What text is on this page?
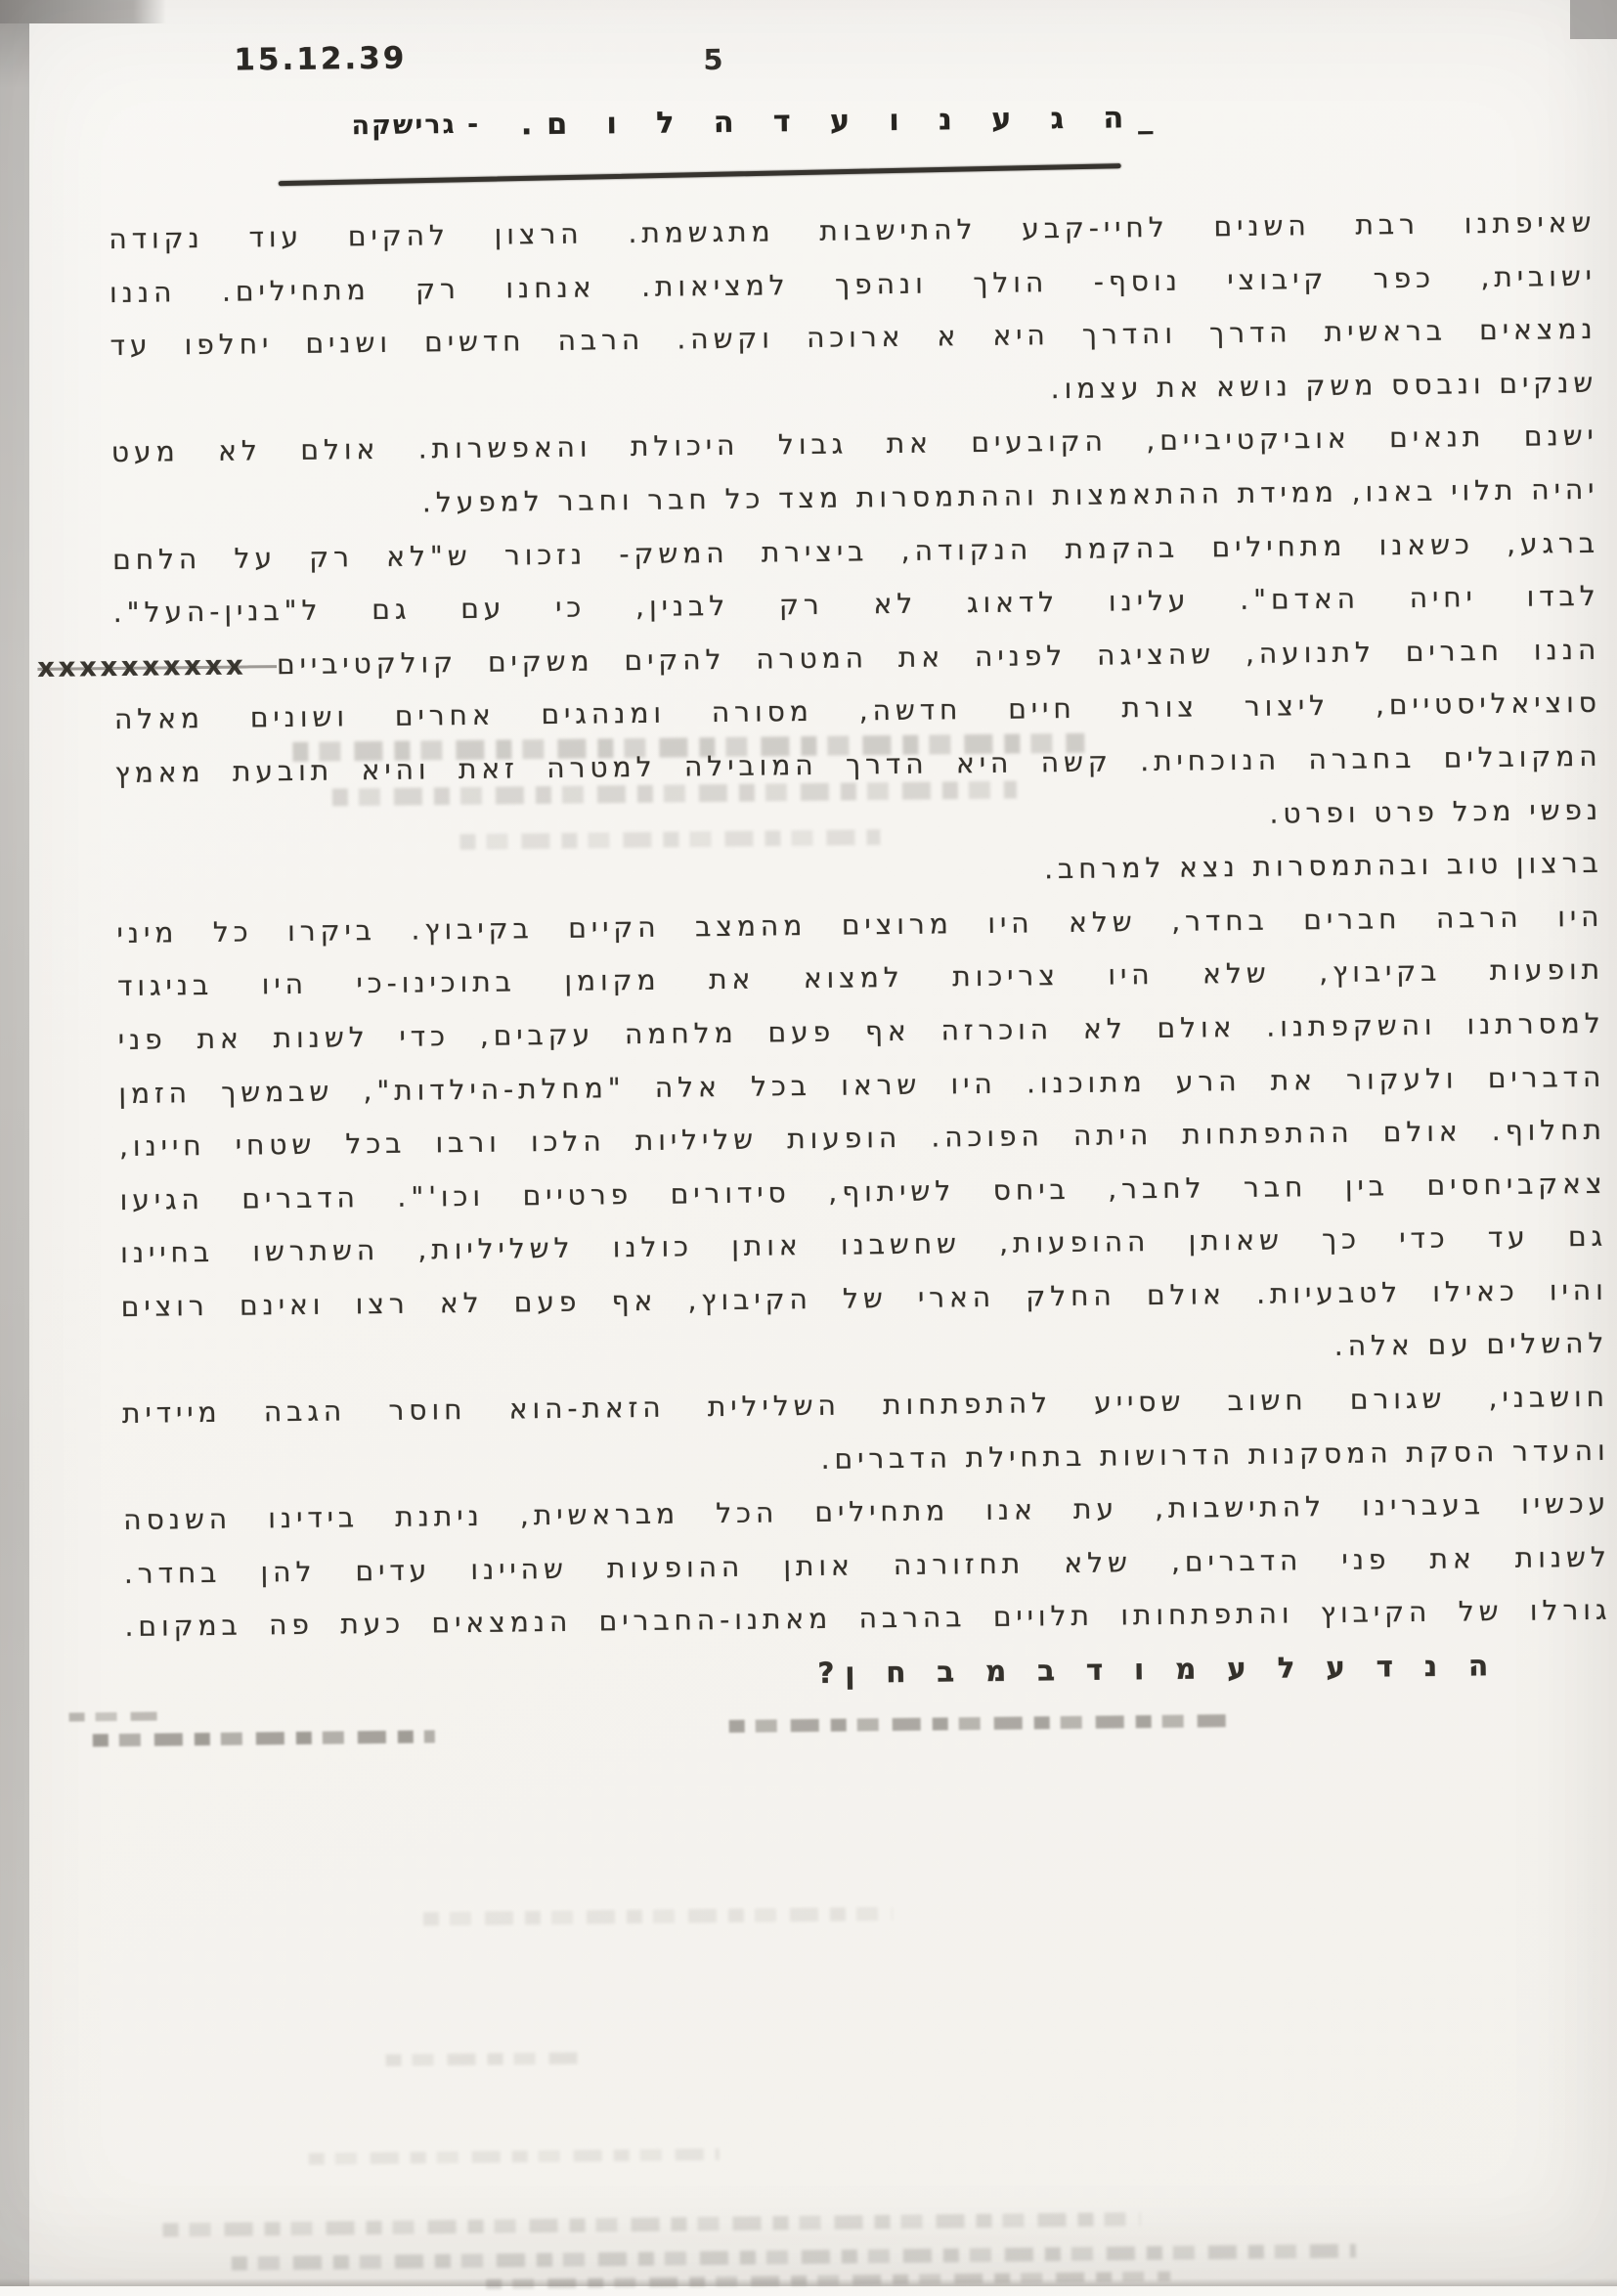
15.12.39	5
_ה ג ע נ ו ע ד ה ל ו ם. - גרישקה
שאיפתנו רבת השנים לחיי-קבע להתישבות מתגשמת. הרצון להקים עוד נקודה
ישובית, כפר קיבוצי נוסף- הולך ונהפך למציאות. אנחנו רק מתחילים. הננו
נמצאים בראשית הדרך והדרך היא א ארוכה וקשה. הרבה חדשים ושנים יחלפו עד
שנקים ונבסס משק נושא את עצמו.
ישנם תנאים אוביקטיביים, הקובעים את גבול היכולת והאפשרות. אולם לא מעט
יהיה תלוי באנו, ממידת ההתאמצות וההתמסרות מצד כל חבר וחבר למפעל.
ברגע, כשאנו מתחילים בהקמת הנקודה, ביצירת המשק- נזכור ש"לא רק על הלחם
לבדו יחיה האדם". עלינו לדאוג לא רק לבנין, כי עם גם ל"בנין-העל".
הננו חברים לתנועה, שהציגה לפניה את המטרה להקים משקים קולקטיביים xxxxxxxxxx
סוציאליסטיים, ליצור צורת חיים חדשה, מסורה ומנהגים אחרים ושונים מאלה
המקובלים בחברה הנוכחית. קשה היא הדרך המובילה למטרה זאת והיא תובעת מאמץ
נפשי מכל פרט ופרט.
ברצון טוב ובהתמסרות נצא למרחב.
היו הרבה חברים בחדר, שלא היו מרוצים מהמצב הקיים בקיבוץ. ביקרו כל מיני
תופעות בקיבוץ, שלא היו צריכות למצוא את מקומן בתוכינו-כי היו בניגוד
למסרתנו והשקפתנו. אולם לא הוכרזה אף פעם מלחמה עקבים, כדי לשנות את פני
הדברים ולעקור את הרע מתוכנו. היו שראו בכל אלה "מחלת-הילדות", שבמשך הזמן
תחלוף. אולם ההתפתחות היתה הפוכה. הופעות שליליות הלכו ורבו בכל שטחי חיינו,
צאקביחסים בין חבר לחבר, ביחס לשיתוף, סידורים פרטיים וכו'". הדברים הגיעו
גם עד כדי כך שאותן ההופעות, שחשבנו אותן כולנו לשליליות, השתרשו בחיינו
והיו כאילו לטבעיות. אולם החלק הארי של הקיבוץ, אף פעם לא רצו ואינם רוצים
להשלים עם אלה.
חושבני, שגורם חשוב שסייע להתפתחות השלילית הזאת-הוא חוסר הגבה מיידית
והעדר הסקת המסקנות הדרושות בתחילת הדברים.
עכשיו בעברינו להתישבות, עת אנו מתחילים הכל מבראשית, ניתנת בידינו השנסה
לשנות את פני הדברים, שלא תחזורנה אותן ההופעות שהיינו עדים להן בחדר.
גורלו של הקיבוץ והתפתחותו תלויים בהרבה מאתנו-החברים הנמצאים כעת פה במקום.
ה נ ד ע ל ע מ ו ד ב מ ב ח ן?
